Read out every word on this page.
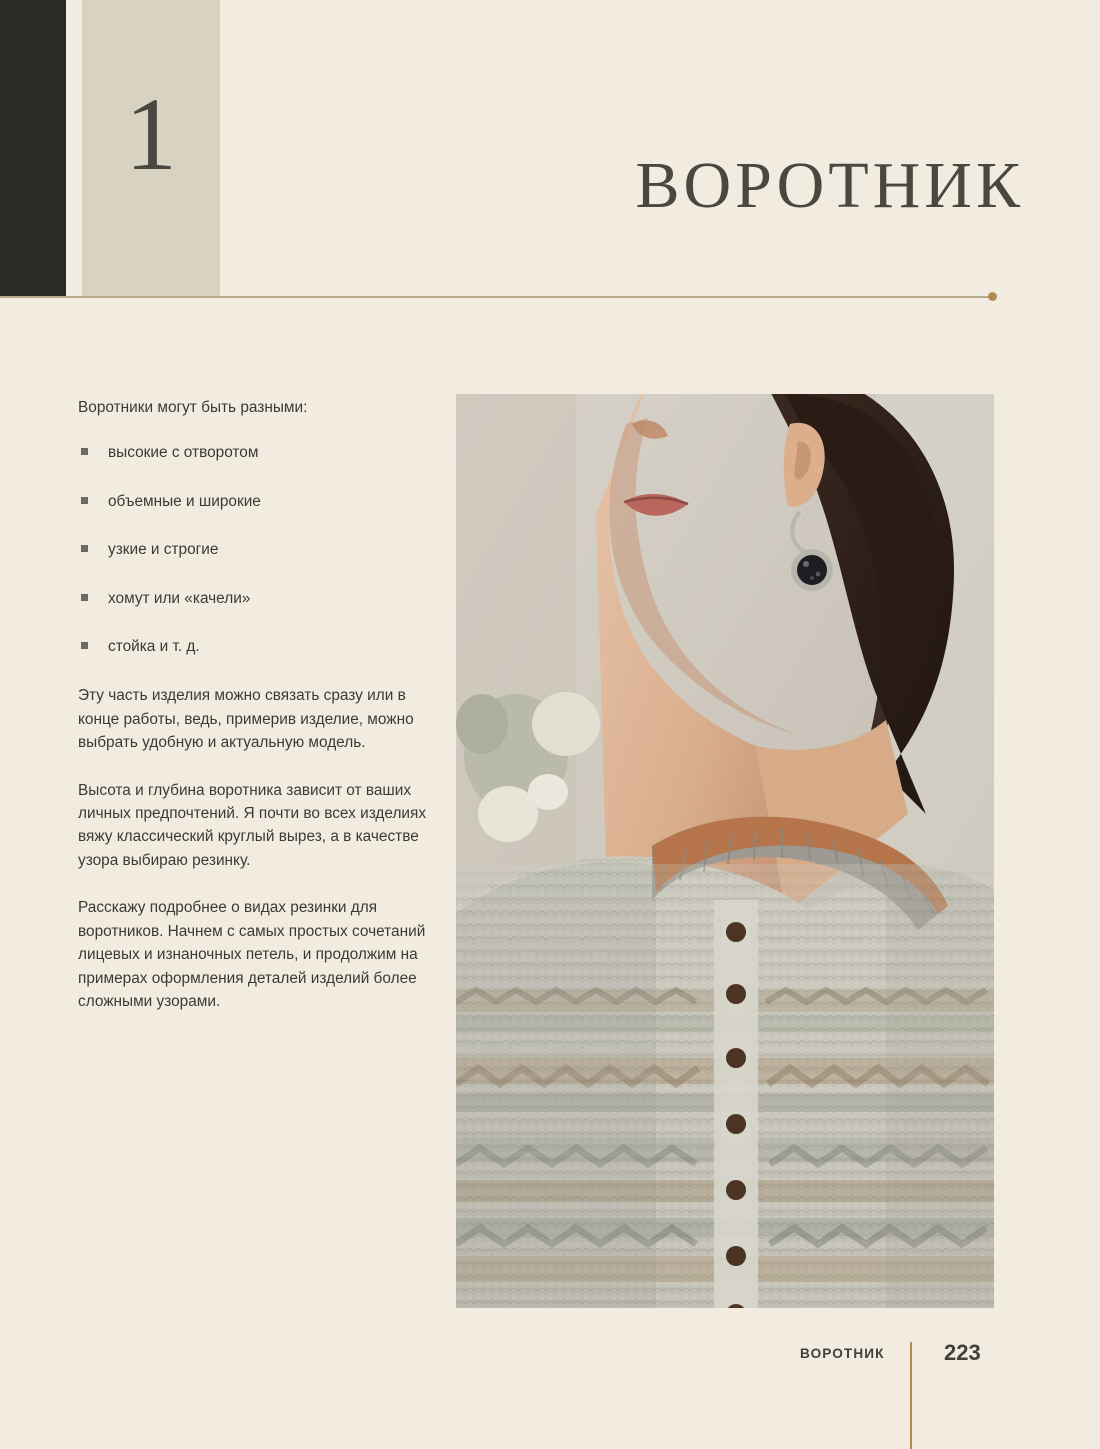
1	ВОРОТНИК

Воротники могут быть разными:

высокие с отворотом
объемные и широкие
узкие и строгие
хомут или «качели»
стойка и т. д.

Эту часть изделия можно связать сразу или в конце работы, ведь, примерив изделие, можно выбрать удобную и актуальную модель.

Высота и глубина воротника зависит от ваших личных предпочтений. Я почти во всех изделиях вяжу классический круглый вырез, а в качестве узора выбираю резинку.

Расскажу подробнее о видах резинки для воротников. Начнем с самых простых сочетаний лицевых и изнаночных петель, и продолжим на примерах оформления деталей изделий более сложными узорами.

ВОРОТНИК	223
